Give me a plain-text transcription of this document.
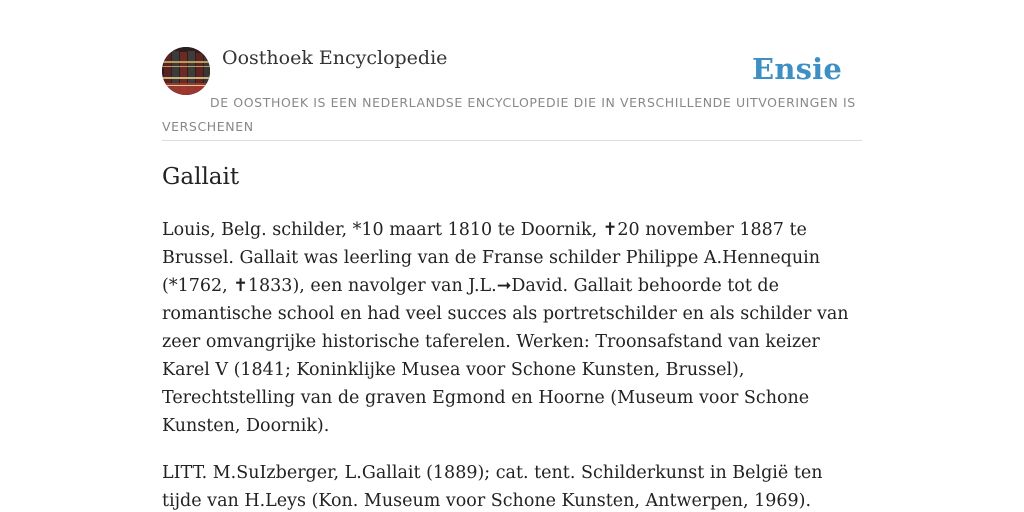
Oosthoek Encyclopedie	Ensie
DE OOSTHOEK IS EEN NEDERLANDSE ENCYCLOPEDIE DIE IN VERSCHILLENDE UITVOERINGEN IS VERSCHENEN
Gallait

Louis, Belg. schilder, *10 maart 1810 te Doornik, ✝20 november 1887 te Brussel. Gallait was leerling van de Franse schilder Philippe A.Hennequin (*1762, ✝1833), een navolger van J.L.➞David. Gallait behoorde tot de romantische school en had veel succes als portretschilder en als schilder van zeer omvangrijke historische taferelen. Werken: Troonsafstand van keizer Karel V (1841; Koninklijke Musea voor Schone Kunsten, Brussel), Terechtstelling van de graven Egmond en Hoorne (Museum voor Schone Kunsten, Doornik).

LITT. M.SuIzberger, L.Gallait (1889); cat. tent. Schilderkunst in België ten tijde van H.Leys (Kon. Museum voor Schone Kunsten, Antwerpen, 1969).
